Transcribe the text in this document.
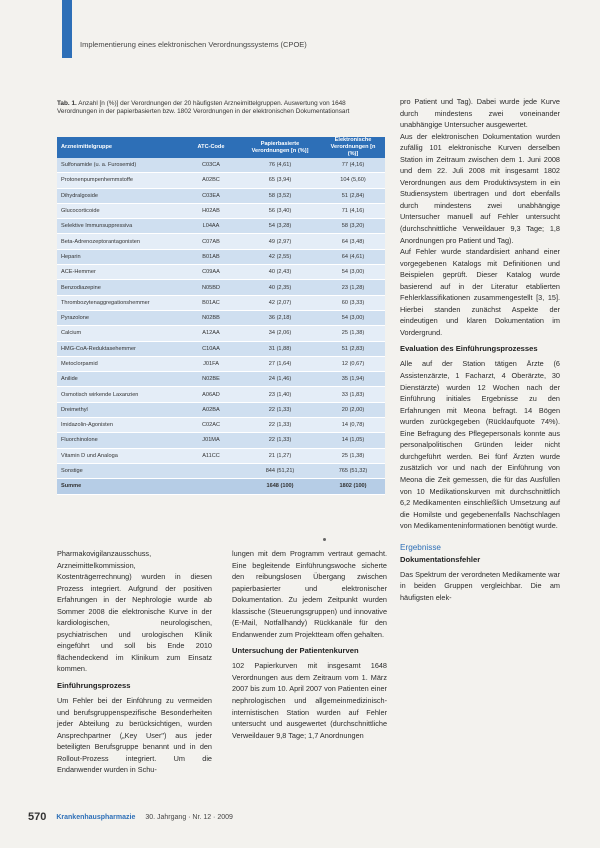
Implementierung eines elektronischen Verordnungssystems (CPOE)
Tab. 1. Anzahl [n (%)] der Verordnungen der 20 häufigsten Arzneimittelgruppen. Auswertung von 1648 Verordnungen in der papierbasierten bzw. 1802 Verordnungen in der elektronischen Dokumentationsart
Arzneimittelgruppe	ATC-Code	Papierbasierte Verordnungen [n (%)]	Elektronische Verordnungen [n (%)]
Sulfonamide (u. a. Furosemid)	C03CA	76 (4,61)	77 (4,16)
Protonenpumpenhemmstoffe	A02BC	65 (3,94)	104 (5,60)
Dihydralgoside	C03EA	58 (3,52)	51 (2,84)
Glucocorticoide	H02AB	56 (3,40)	71 (4,16)
Selektive Immunsuppressiva	L04AA	54 (3,28)	58 (3,20)
Beta-Adrenozeptorantagonisten	C07AB	49 (2,97)	64 (3,48)
Heparin	B01AB	42 (2,55)	64 (4,61)
ACE-Hemmer	C09AA	40 (2,43)	54 (3,00)
Benzodiazepine	N05BD	40 (2,35)	23 (1,28)
Thrombozytenaggregationshemmer	B01AC	42 (2,07)	60 (3,33)
Pyrazolone	N02BB	36 (2,18)	54 (3,00)
Calcium	A12AA	34 (2,06)	25 (1,38)
HMG-CoA-Reduktasehemmer	C10AA	31 (1,88)	51 (2,83)
Metoclorpamid	J01FA	27 (1,64)	12 (0,67)
Anilide	N02BE	24 (1,46)	35 (1,94)
Osmotisch wirkende Laxanzien	A06AD	23 (1,40)	33 (1,83)
Dreimethyl	A02BA	22 (1,33)	20 (2,00)
Imidazolin-Agonisten	C02AC	22 (1,33)	14 (0,78)
Fluorchinolone	J01MA	22 (1,33)	14 (1,05)
Vitamin D und Analoga	A11CC	21 (1,27)	25 (1,38)
Sonstige		844 (51,21)	765 (51,32)
Summe		1648 (100)	1802 (100)

Pharmakovigilanzausschuss, Arzneimittelkommission, Kostenträgerrechnung) wurden in diesen Prozess integriert. Aufgrund der positiven Erfahrungen in der Nephrologie wurde ab Sommer 2008 die elektronische Kurve in der kardiologischen, neurologischen, psychiatrischen und urologischen Klinik eingeführt und soll bis Ende 2010 flächendeckend im Klinikum zum Einsatz kommen.

Einführungsprozess

Um Fehler bei der Einführung zu vermeiden und berufsgruppenspezifische Besonderheiten jeder Abteilung zu berücksichtigen, wurden Ansprechpartner („Key User") aus jeder beteiligten Berufsgruppe benannt und in den Rollout-Prozess integriert. Um die Endanwender wurden in Schu-

lungen mit dem Programm vertraut gemacht. Eine begleitende Einführungswoche sicherte den reibungslosen Übergang zwischen papierbasierter und elektronischer Dokumentation. Zu jedem Zeitpunkt wurden klassische (Steuerungsgruppen) und innovative (E-Mail, Notfallhandy) Rückkanäle für den Endanwender zum Projektteam offen gehalten.

Untersuchung der Patientenkurven

102 Papierkurven mit insgesamt 1648 Verordnungen aus dem Zeitraum vom 1. März 2007 bis zum 10. April 2007 von Patienten einer nephrologischen und allgemeinmedizinisch-internistischen Station wurden auf Fehler untersucht und ausgewertet (durchschnittliche Verweildauer 9,8 Tage; 1,7 Anordnungen

pro Patient und Tag). Dabei wurde jede Kurve durch mindestens zwei voneinander unabhängige Untersucher ausgewertet.

Aus der elektronischen Dokumentation wurden zufällig 101 elektronische Kurven derselben Station im Zeitraum zwischen dem 1. Juni 2008 und dem 22. Juli 2008 mit insgesamt 1802 Verordnungen aus dem Produktivsystem in ein Studiensystem übertragen und dort ebenfalls durch mindestens zwei unabhängige Untersucher manuell auf Fehler untersucht (durchschnittliche Verweildauer 9,3 Tage; 1,8 Anordnungen pro Patient und Tag).

Auf Fehler wurde standardisiert anhand einer vorgegebenen Katalogs mit Definitionen und Beispielen geprüft. Dieser Katalog wurde basierend auf in der Literatur etablierten Fehlerklassifikationen zusammengestellt [3, 15]. Hierbei standen zunächst Aspekte der eindeutigen und klaren Dokumentation im Vordergrund.

Evaluation des Einführungsprozesses

Alle auf der Station tätigen Ärzte (6 Assistenzärzte, 1 Facharzt, 4 Oberärzte, 30 Dienstärzte) wurden 12 Wochen nach der Einführung initiales Ergebnisse zu den Erfahrungen mit Meona befragt. 14 Bögen wurden zurückgegeben (Rücklaufquote 74%). Eine Befragung des Pflegepersonals konnte aus personalpolitischen Gründen leider nicht durchgeführt werden. Bei fünf Ärzten wurde zusätzlich vor und nach der Einführung von Meona die Zeit gemessen, die für das Ausfüllen von 10 Medikationskurven mit durchschnittlich 6,2 Medikamenten einschließlich Umsetzung auf die Homilste und gegebenenfalls Nachschlagen von Medikamenteninformationen benötigt wurde.

Ergebnisse
Dokumentationsfehler

Das Spektrum der verordneten Medikamente war in beiden Gruppen vergleichbar. Die am häufigsten elek-

570 Krankenhauspharmazie 30. Jahrgang · Nr. 12 · 2009
